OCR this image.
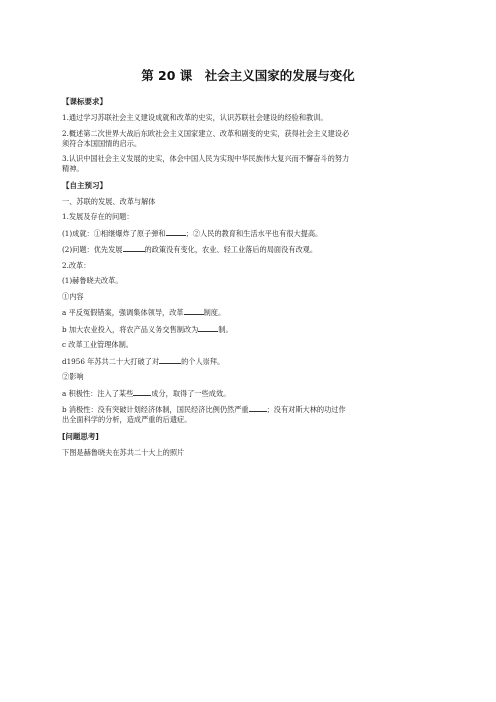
第 20 课　社会主义国家的发展与变化
【课标要求】
1.通过学习苏联社会主义建设成就和改革的史实，认识苏联社会建设的经验和教训。
2.概述第二次世界大战后东欧社会主义国家建立、改革和剧变的史实，获得社会主义建设必
须符合本国国情的启示。
3.认识中国社会主义发展的史实，体会中国人民为实现中华民族伟大复兴而不懈奋斗的努力
精神。
【自主预习】
一、苏联的发展、改革与解体
1.发展及存在的问题：
(1)成就：①相继爆炸了原子弹和	；②人民的教育和生活水平也有很大提高。
(2)问题：优先发展	的政策没有变化，农业、轻工业落后的局面没有改观。
2.改革：
(1)赫鲁晓夫改革。
①内容
a 平反冤假错案，强调集体领导，改革	制度。
b 加大农业投入，将农产品义务交售制改为	制。
c 改革工业管理体制。
d1956 年苏共二十大打破了对	的个人崇拜。
②影响
a 积极性：注入了某些	成分，取得了一些成效。
b 消极性：没有突破计划经济体制，国民经济比例仍然严重	；没有对斯大林的功过作
出全面科学的分析，造成严重的后遗症。
[问题思考]
下图是赫鲁晓夫在苏共二十大上的照片
